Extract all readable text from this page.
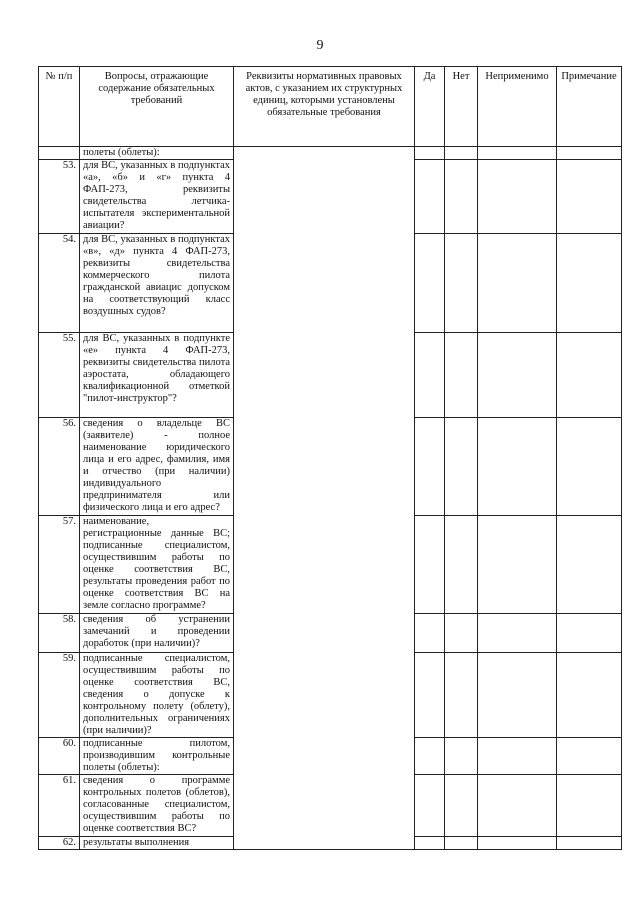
9
№ п/п	Вопросы, отражающие содержание обязательных требований	Реквизиты нормативных правовых актов, с указанием их структурных единиц, которыми установлены обязательные требования	Да	Нет	Неприменимо	Примечание
	полеты (облеты):					
53.	для ВС, указанных в подпунктах «а», «б» и «г» пункта 4 ФАП-273, реквизиты свидетельства летчика-испытателя экспериментальной авиации?					
54.	для ВС, указанных в подпунктах «в», «д» пункта 4 ФАП-273, реквизиты свидетельства коммерческого пилота гражданской авиацис допуском на соответствующий класс воздушных судов?					
55.	для ВС, указанных в подпункте «е» пункта 4 ФАП-273, реквизиты свидетельства пилота аэростата, обладающего квалификационной отметкой "пилот-инструктор"?					
56.	сведения о владельце ВС (заявителе) - полное наименование юридического лица и его адрес, фамилия, имя и отчество (при наличии) индивидуального предпринимателя или физического лица и его адрес?					
57.	наименование, регистрационные данные ВС; подписанные специалистом, осуществившим работы по оценке соответствия ВС, результаты проведения работ по оценке соответствия ВС на земле согласно программе?					
58.	сведения об устранении замечаний и проведении доработок (при наличии)?					
59.	подписанные специалистом, осуществившим работы по оценке соответствия ВС, сведения о допуске к контрольному полету (облету), дополнительных ограничениях (при наличии)?					
60.	подписанные пилотом, производившим контрольные полеты (облеты):					
61.	сведения о программе контрольных полетов (облетов), согласованные специалистом, осуществившим работы по оценке соответствия ВС?					
62.	результаты выполнения					
